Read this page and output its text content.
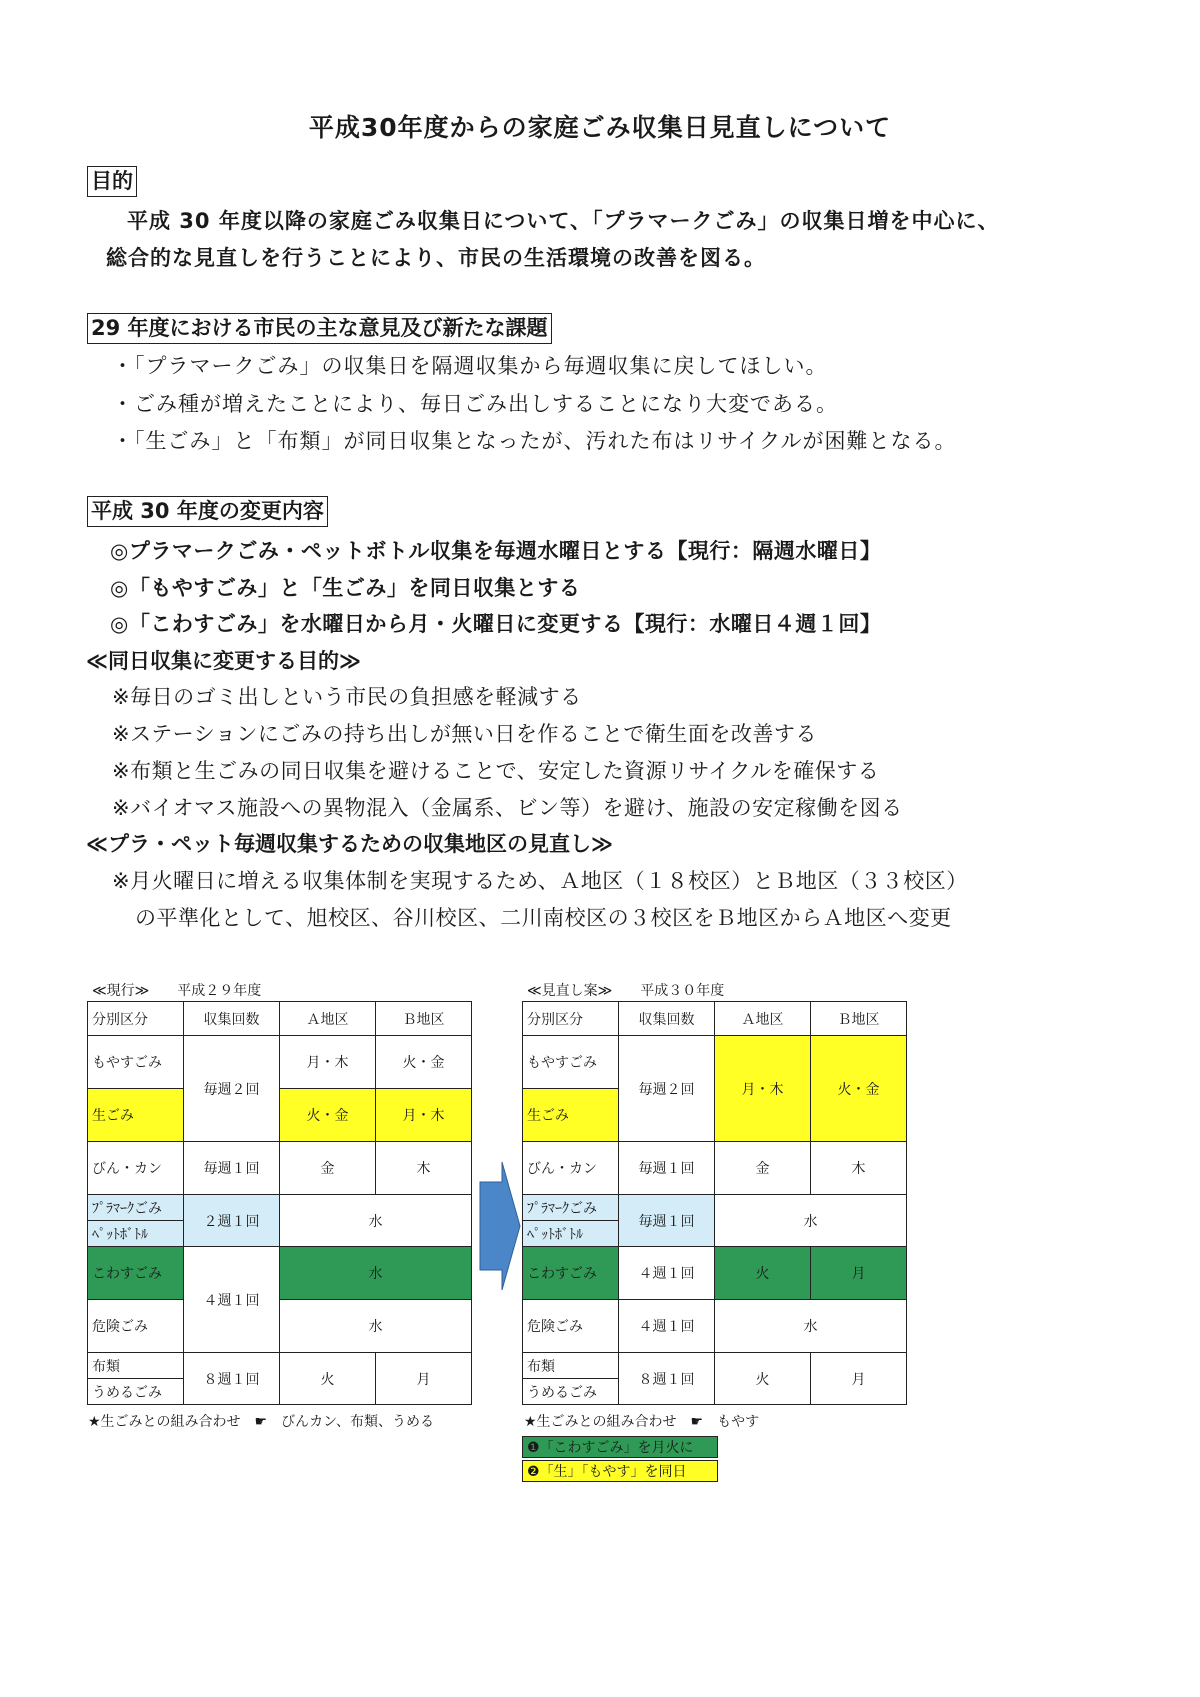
平成30年度からの家庭ごみ収集日見直しについて
目的
平成 30 年度以降の家庭ごみ収集日について、「プラマークごみ」の収集日増を中心に、
総合的な見直しを行うことにより、市民の生活環境の改善を図る。
29 年度における市民の主な意見及び新たな課題
・「プラマークごみ」の収集日を隔週収集から毎週収集に戻してほしい。
・ごみ種が増えたことにより、毎日ごみ出しすることになり大変である。
・「生ごみ」と「布類」が同日収集となったが、汚れた布はリサイクルが困難となる。
平成 30 年度の変更内容
◎プラマークごみ・ペットボトル収集を毎週水曜日とする【現行：隔週水曜日】
◎「もやすごみ」と「生ごみ」を同日収集とする
◎「こわすごみ」を水曜日から月・火曜日に変更する【現行：水曜日４週１回】
≪同日収集に変更する目的≫
※毎日のゴミ出しという市民の負担感を軽減する
※ステーションにごみの持ち出しが無い日を作ることで衛生面を改善する
※布類と生ごみの同日収集を避けることで、安定した資源リサイクルを確保する
※バイオマス施設への異物混入（金属系、ビン等）を避け、施設の安定稼働を図る
≪プラ・ペット毎週収集するための収集地区の見直し≫
※月火曜日に増える収集体制を実現するため、Ａ地区（１８校区）とＢ地区（３３校区）
の平準化として、旭校区、谷川校区、二川南校区の３校区をＢ地区からＡ地区へ変更
≪現行≫　　平成２９年度
分別区分	収集回数	Ａ地区	Ｂ地区
もやすごみ	毎週２回	月・木	火・金
生ごみ		火・金	月・木
びん・カン	毎週１回	金	木
ﾌﾟﾗﾏｰｸごみ	２週１回	水	
ﾍﾟｯﾄﾎﾞﾄﾙ			
こわすごみ	４週１回	水	
危険ごみ		水	
布類	８週１回	火	月
うめるごみ			
★生ごみとの組み合わせ　☛　びんカン、布類、うめる
≪見直し案≫　　平成３０年度
分別区分	収集回数	Ａ地区	Ｂ地区
もやすごみ	毎週２回	月・木	火・金
生ごみ			
びん・カン	毎週１回	金	木
ﾌﾟﾗﾏｰｸごみ	毎週１回	水	
ﾍﾟｯﾄﾎﾞﾄﾙ			
こわすごみ	４週１回	火	月
危険ごみ	４週１回	水	
布類	８週１回	火	月
うめるごみ			
★生ごみとの組み合わせ　☛　もやす
❶「こわすごみ」を月火に
❷「生」「もやす」を同日
